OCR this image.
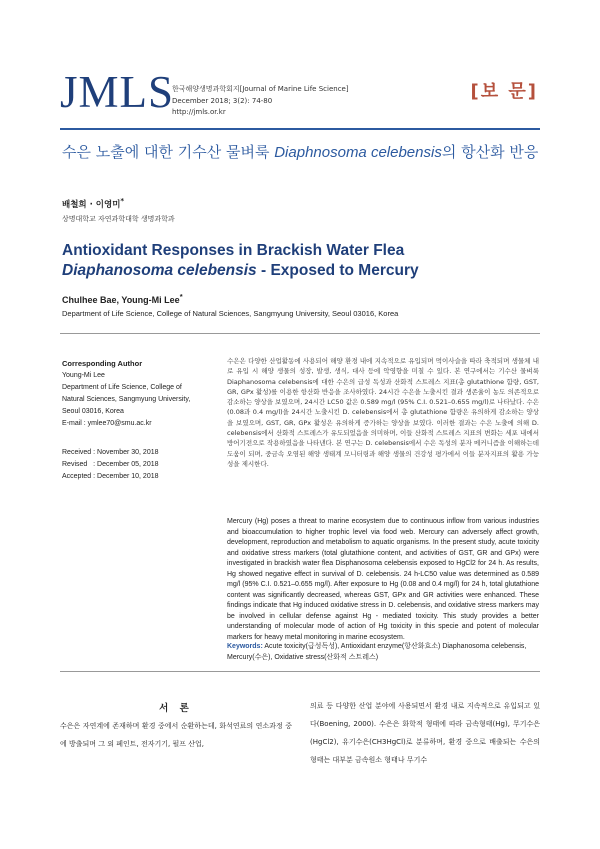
JMLS
한국해양생명과학회지[Journal of Marine Life Science]
December 2018; 3(2): 74-80
http://jmls.or.kr
[보 문]
수은 노출에 대한 기수산 물벼룩 Diaphnosoma celebensis의 항산화 반응
배철희 · 이영미*
상명대학교 자연과학대학 생명과학과
Antioxidant Responses in Brackish Water Flea
Diaphanosoma celebensis - Exposed to Mercury
Chulhee Bae, Young-Mi Lee*
Department of Life Science, College of Natural Sciences, Sangmyung University, Seoul 03016, Korea
Corresponding Author
Young-Mi Lee
Department of Life Science, College of
Natural Sciences, Sangmyung University,
Seoul 03016, Korea
E-mail : ymlee70@smu.ac.kr
Received : November 30, 2018
Revised   : December 05, 2018
Accepted : December 10, 2018
수은은 다양한 산업활동에 사용되어 해양 환경 내에 지속적으로 유입되며 먹이사슬을 따라 축적되며 생물체 내로 유입 시 해양 생물의 성장, 발생, 생식, 대사 등에 악영향을 미칠 수 있다. 본 연구에서는 기수산 물벼룩 Diaphanosoma celebensis에 대한 수은의 급성 독성과 산화적 스트레스 지표(총 glutathione 함량, GST, GR, GPx 활성)를 이용한 항산화 반응을 조사하였다. 24시간 수은을 노출시킨 결과 생존율이 농도 의존적으로 감소하는 양상을 보였으며, 24시간 LC50 값은 0.589 mg/l (95% C.I. 0.521–0.655 mg/l)로 나타났다. 수은(0.08과 0.4 mg/l)을 24시간 노출시킨 D. celebensis에서 총 glutathione 함량은 유의하게 감소하는 양상을 보였으며, GST, GR, GPx 활성은 유의하게 증가하는 양상을 보였다. 이러한 결과는 수은 노출에 의해 D. celebensis에서 산화적 스트레스가 유도되었음을 의미하며, 이들 산화적 스트레스 지표의 변화는 세포 내에서 방어기전으로 작용하였음을 나타낸다. 본 연구는 D. celebensis에서 수은 독성의 분자 메커니즘을 이해하는데 도움이 되며, 중금속 오염된 해양 생태계 모니터링과 해양 생물의 건강성 평가에서 이들 분자지표의 활용 가능성을 제시한다.
Mercury (Hg) poses a threat to marine ecosystem due to continuous inflow from various industries and bioaccumulation to higher trophic level via food web. Mercury can adversely affect growth, development, reproduction and metabolism to aquatic organisms. In the present study, acute toxicity and oxidative stress markers (total glutathione content, and activities of GST, GR and GPx) were investigated in brackish water flea Disphanosoma celebensis exposed to HgCl2 for 24 h. As results, Hg showed negative effect in survival of D. celebensis. 24 h-LC50 value was determined as 0.589 mg/l (95% C.I. 0.521–0.655 mg/l). After exposure to Hg (0.08 and 0.4 mg/l) for 24 h, total glutathione content was significantly decreased, whereas GST, GPx and GR activities were enhanced. These findings indicate that Hg induced oxidative stress in D. celebensis, and oxidative stress markers may be involved in cellular defense against Hg - mediated toxicity. This study provides a better understanding of molecular mode of action of Hg toxicity in this specie and potent of molecular markers for heavy metal monitoring in marine ecosystem.
Keywords: Acute toxicity(급성독성), Antioxidant enzyme(항산화효소) Diaphanosoma celebensis, Mercury(수은), Oxidative stress(산화적 스트레스)
서 론
수은은 자연계에 존재하며 환경 중에서 순환하는데, 화석연료의 연소과정 중에 방출되며 그 외 페인트, 전자기기, 펄프 산업,
의료 등 다양한 산업 분야에 사용되면서 환경 내로 지속적으로 유입되고 있다(Boening, 2000). 수은은 화학적 형태에 따라 금속형태(Hg), 무기수은(HgCl2), 유기수은(CH3HgCl)로 분류하며, 환경 중으로 배출되는 수은의 형태는 대부분 금속원소 형태나 무기수
